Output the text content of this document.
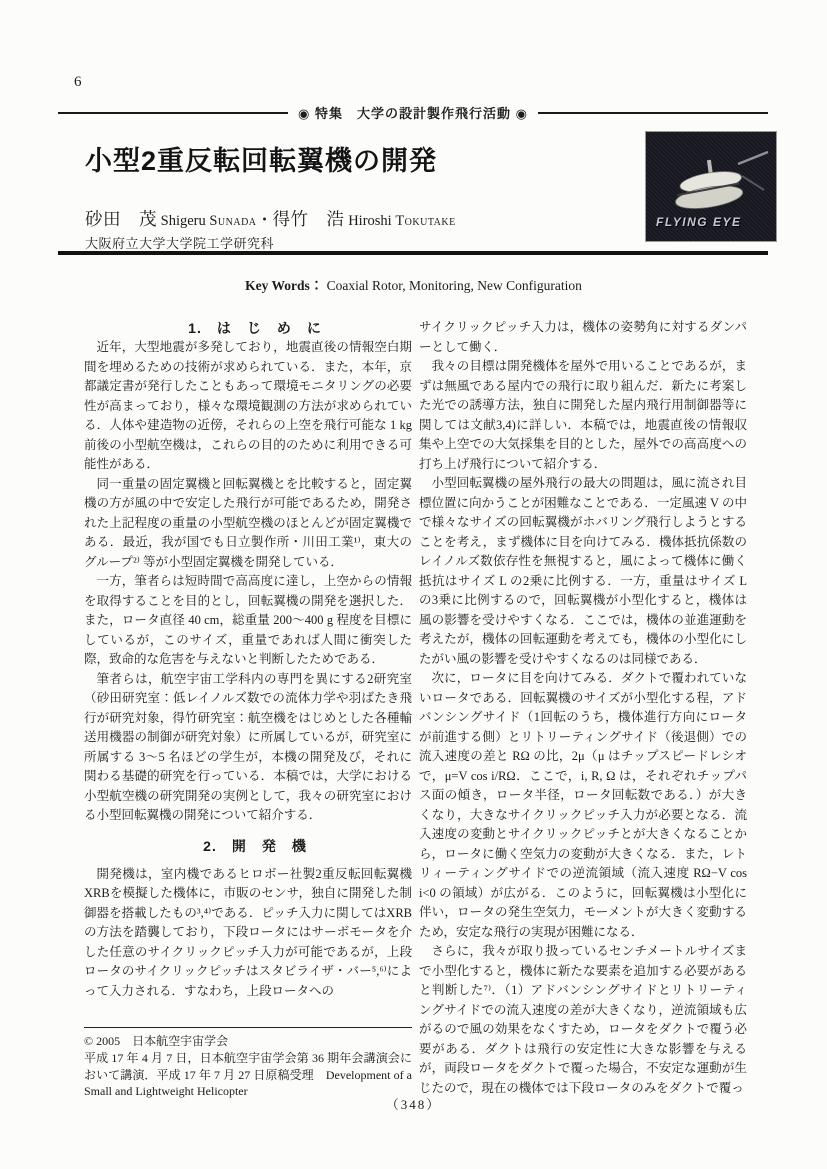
6
◉ 特集　大学の設計製作飛行活動 ◉
小型2重反転回転翼機の開発
FLYING EYE
砂田　茂 Shigeru Sunada・得竹　浩 Hiroshi Tokutake
大阪府立大学大学院工学研究科
Key Words： Coaxial Rotor, Monitoring, New Configuration

1.　は　じ　め　に

近年，大型地震が多発しており，地震直後の情報空白期間を埋めるための技術が求められている．また，本年，京都議定書が発行したこともあって環境モニタリングの必要性が高まっており，様々な環境観測の方法が求められている．人体や建造物の近傍，それらの上空を飛行可能な 1 kg 前後の小型航空機は，これらの目的のために利用できる可能性がある．

同一重量の固定翼機と回転翼機とを比較すると，固定翼機の方が風の中で安定した飛行が可能であるため，開発された上記程度の重量の小型航空機のほとんどが固定翼機である．最近，我が国でも日立製作所・川田工業¹⁾，東大のグループ²⁾ 等が小型固定翼機を開発している．

一方，筆者らは短時間で高高度に達し，上空からの情報を取得することを目的とし，回転翼機の開発を選択した．また，ロータ直径 40 cm，総重量 200～400 g 程度を目標にしているが，このサイズ，重量であれば人間に衝突した際，致命的な危害を与えないと判断したためである．

筆者らは，航空宇宙工学科内の専門を異にする2研究室（砂田研究室：低レイノルズ数での流体力学や羽ばたき飛行が研究対象，得竹研究室：航空機をはじめとした各種輸送用機器の制御が研究対象）に所属しているが，研究室に所属する 3～5 名ほどの学生が，本機の開発及び，それに関わる基礎的研究を行っている．本稿では，大学における小型航空機の研究開発の実例として，我々の研究室における小型回転翼機の開発について紹介する．

2.　開　発　機

開発機は，室内機であるヒロボー社製2重反転回転翼機XRBを模擬した機体に，市販のセンサ，独自に開発した制御器を搭載したもの³,⁴⁾である．ピッチ入力に関してはXRBの方法を踏襲しており，下段ロータにはサーボモータを介した任意のサイクリックピッチ入力が可能であるが，上段ロータのサイクリックピッチはスタビライザ・バー⁵,⁶⁾によって入力される．すなわち，上段ロータへの

サイクリックピッチ入力は，機体の姿勢角に対するダンパーとして働く．

我々の目標は開発機体を屋外で用いることであるが，まずは無風である屋内での飛行に取り組んだ．新たに考案した光での誘導方法，独自に開発した屋内飛行用制御器等に関しては文献3,4)に詳しい．本稿では，地震直後の情報収集や上空での大気採集を目的とした，屋外での高高度への打ち上げ飛行について紹介する．

小型回転翼機の屋外飛行の最大の問題は，風に流され目標位置に向かうことが困難なことである．一定風速 V の中で様々なサイズの回転翼機がホバリング飛行しようとすることを考え，まず機体に目を向けてみる．機体抵抗係数のレイノルズ数依存性を無視すると，風によって機体に働く抵抗はサイズ L の2乗に比例する．一方，重量はサイズ L の3乗に比例するので，回転翼機が小型化すると，機体は風の影響を受けやすくなる．ここでは，機体の並進運動を考えたが，機体の回転運動を考えても，機体の小型化にしたがい風の影響を受けやすくなるのは同様である．

次に，ロータに目を向けてみる．ダクトで覆われていないロータである．回転翼機のサイズが小型化する程，アドバンシングサイド（1回転のうち，機体進行方向にロータが前進する側）とリトリーティングサイド（後退側）での流入速度の差と RΩ の比，2μ（μ はチップスピードレシオで，μ=V cos i/RΩ．ここで，i, R, Ω は，それぞれチップパス面の傾き，ロータ半径，ロータ回転数である．）が大きくなり，大きなサイクリックピッチ入力が必要となる．流入速度の変動とサイクリックピッチとが大きくなることから，ロータに働く空気力の変動が大きくなる．また，レトリィーティングサイドでの逆流領域（流入速度 RΩ−V cos i<0 の領域）が広がる．このように，回転翼機は小型化に伴い，ロータの発生空気力，モーメントが大きく変動するため，安定な飛行の実現が困難になる．

さらに，我々が取り扱っているセンチメートルサイズまで小型化すると，機体に新たな要素を追加する必要があると判断した⁷⁾．（1）アドバンシングサイドとリトリーティングサイドでの流入速度の差が大きくなり，逆流領域も広がるので風の効果をなくすため，ロータをダクトで覆う必要がある．ダクトは飛行の安定性に大きな影響を与えるが，両段ロータをダクトで覆った場合，不安定な運動が生じたので，現在の機体では下段ロータのみをダクトで覆っ

© 2005　日本航空宇宙学会

平成 17 年 4 月 7 日，日本航空宇宙学会第 36 期年会講演会において講演．平成 17 年 7 月 27 日原稿受理　Development of a Small and Lightweight Helicopter

（348）
